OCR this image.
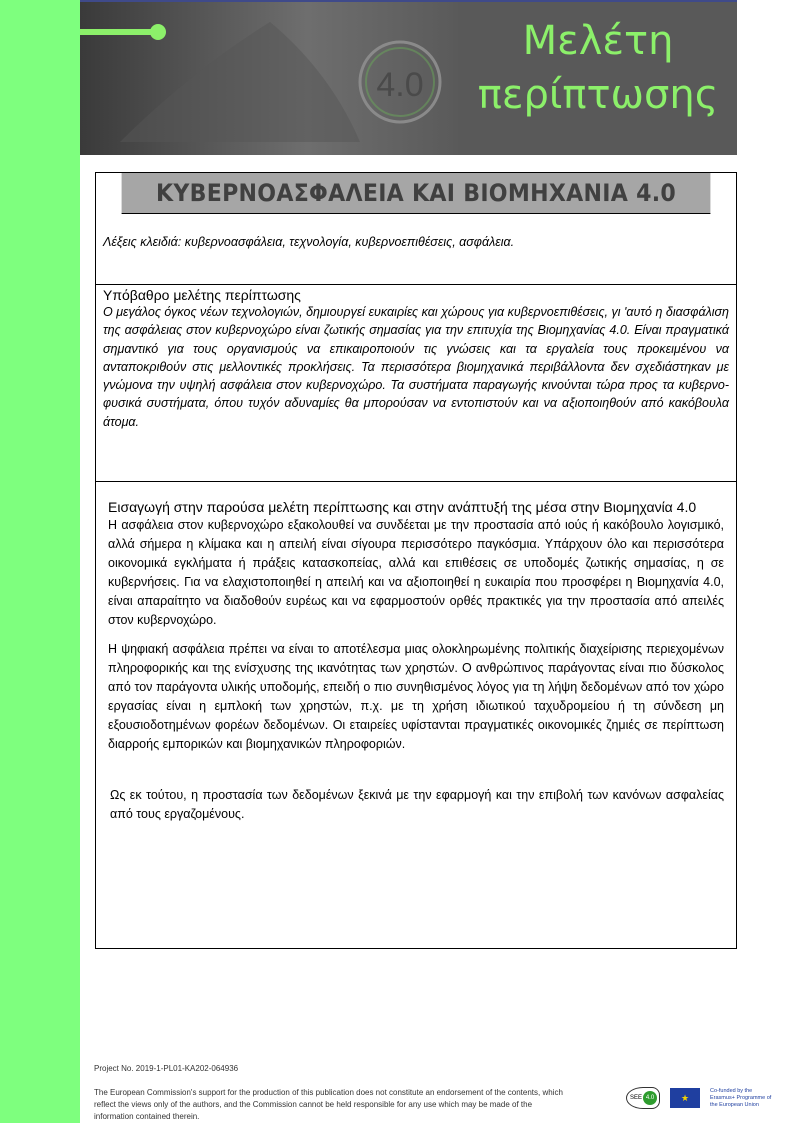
4.0
Μελέτη περίπτωσης
ΚΥΒΕΡΝΟΑΣΦΑΛΕΙΑ ΚΑΙ ΒΙΟΜΗΧΑΝΙΑ 4.0
Λέξεις κλειδιά: κυβερνοασφάλεια, τεχνολογία, κυβερνοεπιθέσεις, ασφάλεια.
Υπόβαθρο μελέτης περίπτωσης

Ο μεγάλος όγκος νέων τεχνολογιών, δημιουργεί ευκαιρίες και χώρους για κυβερνοεπιθέσεις, γι 'αυτό η διασφάλιση της ασφάλειας στον κυβερνοχώρο είναι ζωτικής σημασίας για την επιτυχία της Βιομηχανίας 4.0. Είναι πραγματικά σημαντικό για τους οργανισμούς να επικαιροποιούν τις γνώσεις και τα εργαλεία τους προκειμένου να ανταποκριθούν στις μελλοντικές προκλήσεις. Τα περισσότερα βιομηχανικά περιβάλλοντα δεν σχεδιάστηκαν με γνώμονα την υψηλή ασφάλεια στον κυβερνοχώρο. Τα συστήματα παραγωγής κινούνται τώρα προς τα κυβερνο-φυσικά συστήματα, όπου τυχόν αδυναμίες θα μπορούσαν να εντοπιστούν και να αξιοποιηθούν από κακόβουλα άτομα.

Εισαγωγή στην παρούσα μελέτη περίπτωσης και στην ανάπτυξή της μέσα στην Βιομηχανία 4.0

Η ασφάλεια στον κυβερνοχώρο εξακολουθεί να συνδέεται με την προστασία από ιούς ή κακόβουλο λογισμικό, αλλά σήμερα η κλίμακα και η απειλή είναι σίγουρα περισσότερο παγκόσμια. Υπάρχουν όλο και περισσότερα οικονομικά εγκλήματα ή πράξεις κατασκοπείας, αλλά και επιθέσεις σε υποδομές ζωτικής σημασίας, η σε κυβερνήσεις. Για να ελαχιστοποιηθεί η απειλή και να αξιοποιηθεί η ευκαιρία που προσφέρει η Βιομηχανία 4.0, είναι απαραίτητο να διαδοθούν ευρέως και να εφαρμοστούν ορθές πρακτικές για την προστασία από απειλές στον κυβερνοχώρο.

Η ψηφιακή ασφάλεια πρέπει να είναι το αποτέλεσμα μιας ολοκληρωμένης πολιτικής διαχείρισης περιεχομένων πληροφορικής και της ενίσχυσης της ικανότητας των χρηστών. Ο ανθρώπινος παράγοντας είναι πιο δύσκολος από τον παράγοντα υλικής υποδομής, επειδή ο πιο συνηθισμένος λόγος για τη λήψη δεδομένων από τον χώρο εργασίας είναι η εμπλοκή των χρηστών, π.χ. με τη χρήση ιδιωτικού ταχυδρομείου ή τη σύνδεση μη εξουσιοδοτημένων φορέων δεδομένων. Οι εταιρείες υφίστανται πραγματικές οικονομικές ζημιές σε περίπτωση διαρροής εμπορικών και βιομηχανικών πληροφοριών.

Ως εκ τούτου, η προστασία των δεδομένων ξεκινά με την εφαρμογή και την επιβολή των κανόνων ασφαλείας από τους εργαζομένους.

Project No. 2019-1-PL01-KA202-064936
The European Commission's support for the production of this publication does not constitute an endorsement of the contents, which reflect the views only of the authors, and the Commission cannot be held responsible for any use which may be made of the information contained therein.
SEE 4.0	★
Co-funded by the Erasmus+ Programme of the European Union
